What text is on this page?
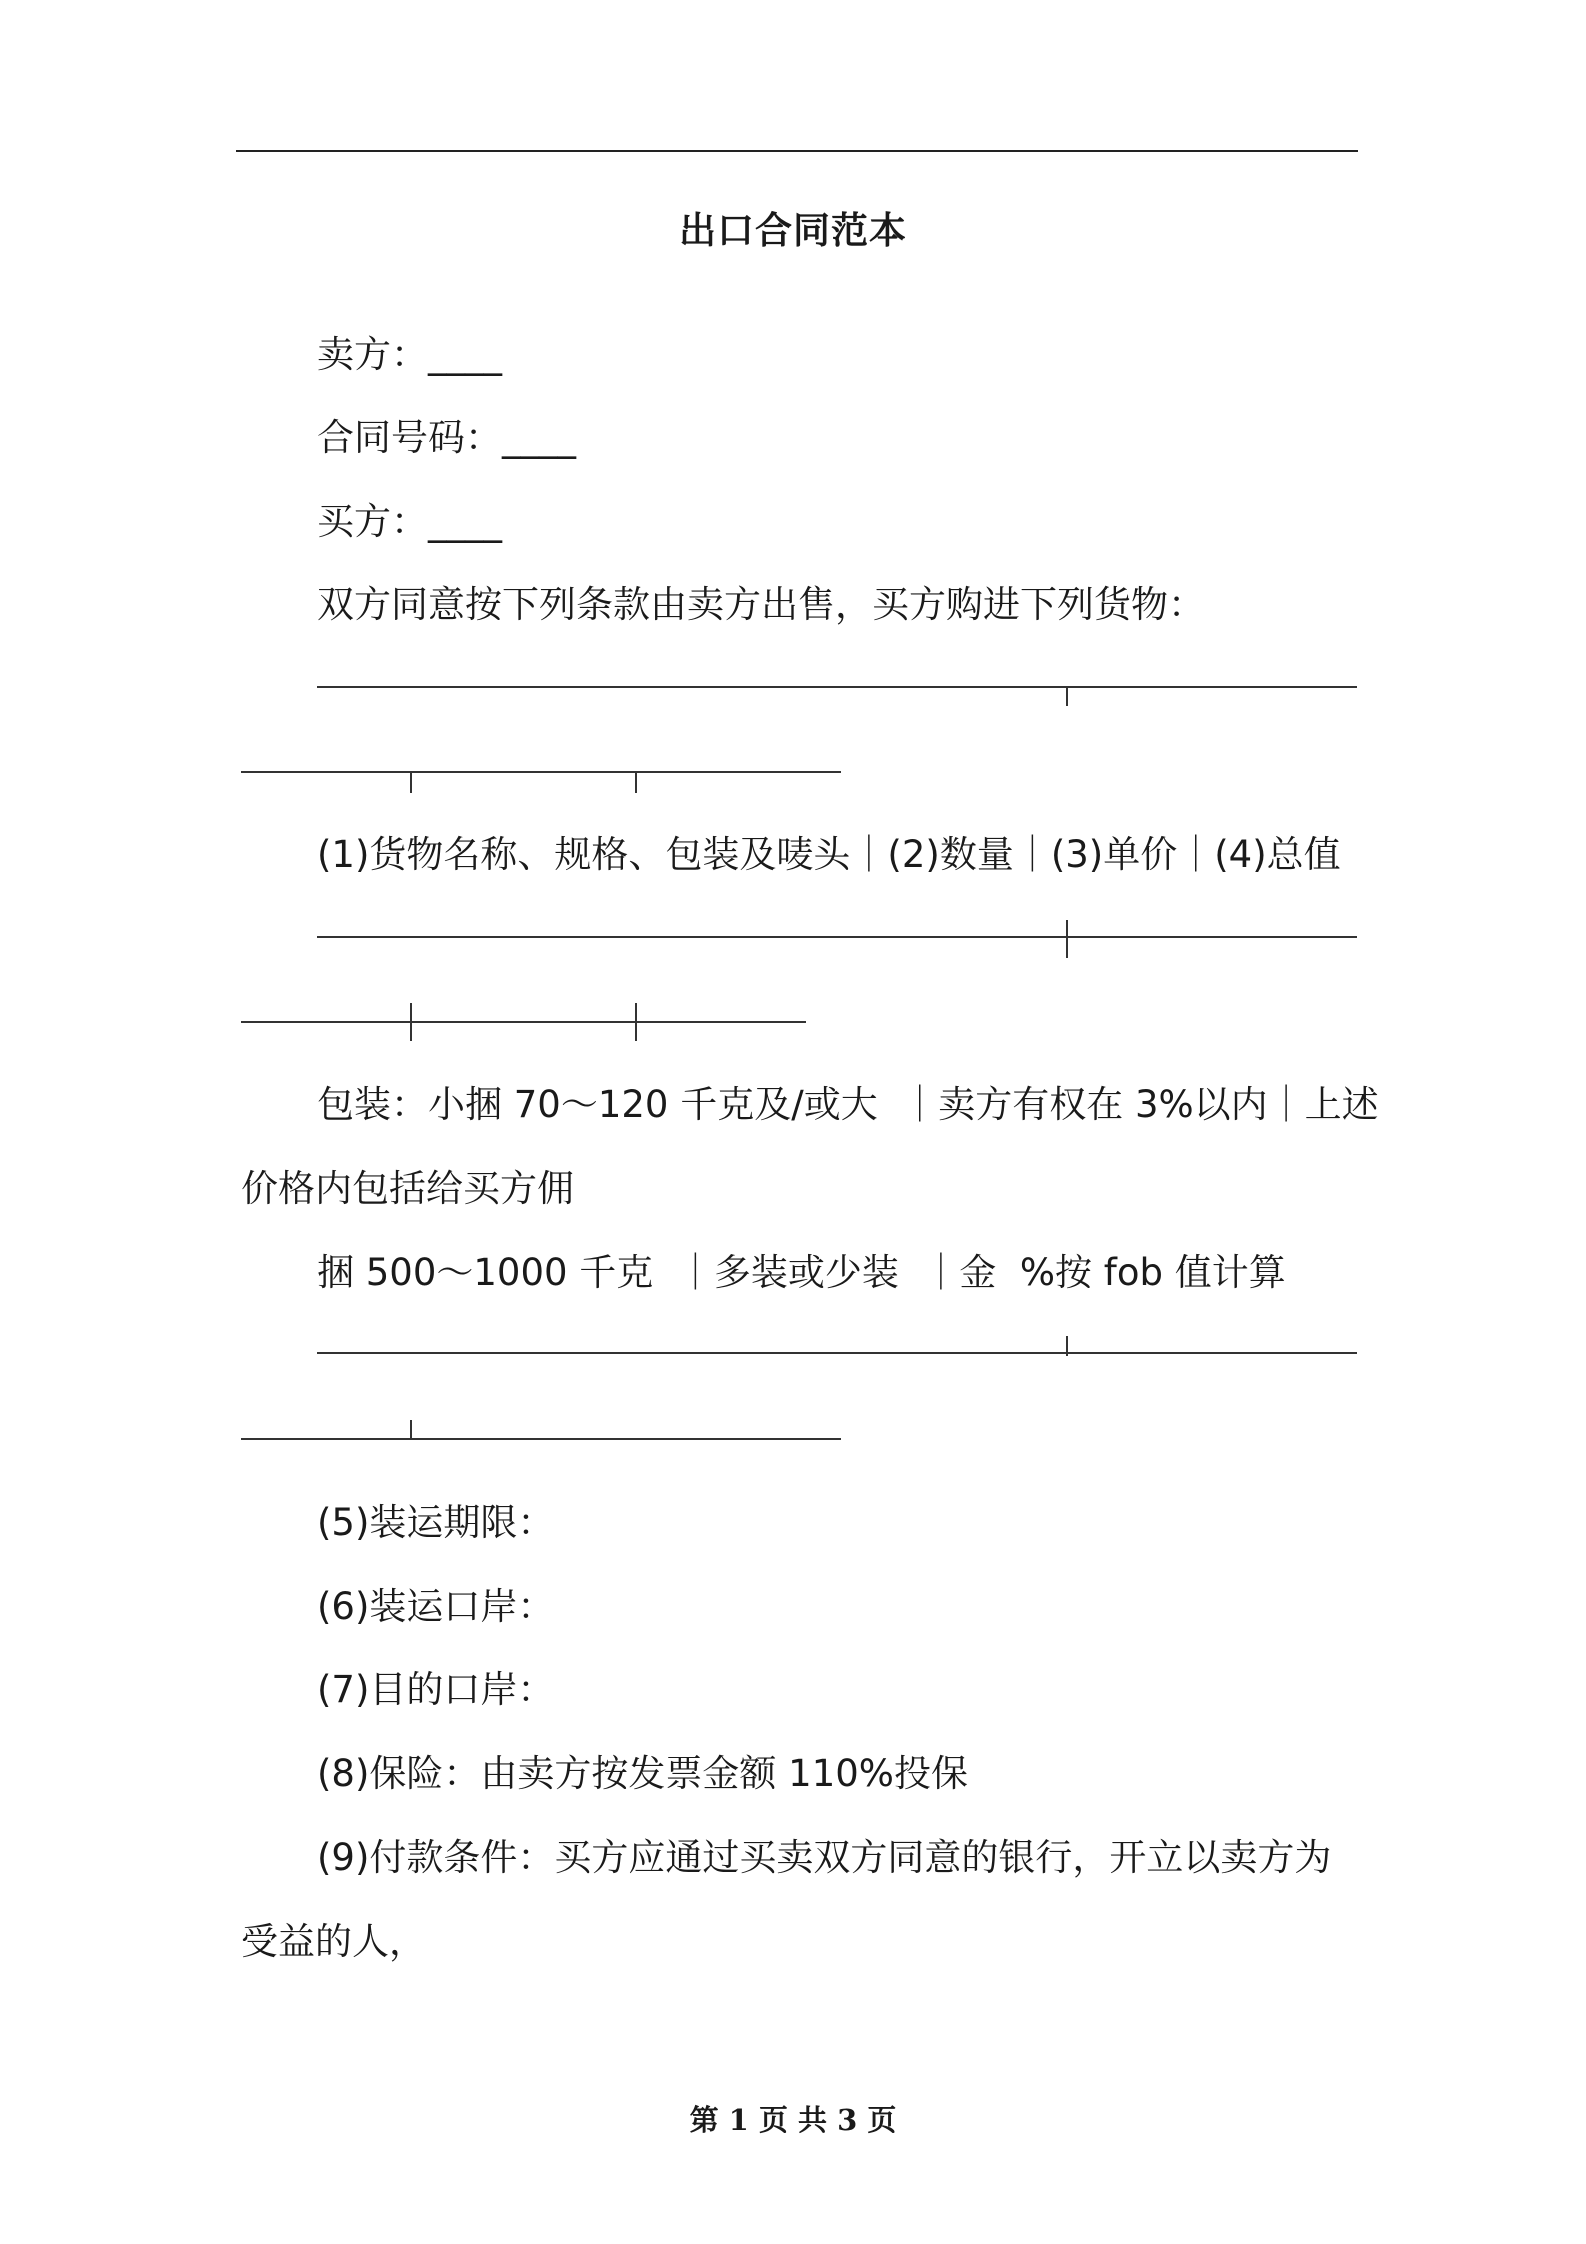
出口合同范本
卖方：____
合同号码：____
买方：____
双方同意按下列条款由卖方出售，买方购进下列货物：
(1)货物名称、规格、包装及唛头｜(2)数量｜(3)单价｜(4)总值
包装：小捆 70～120 千克及/或大  ｜卖方有权在 3%以内｜上述
价格内包括给买方佣
捆 500～1000 千克  ｜多装或少装  ｜金  %按 fob 值计算
(5)装运期限：
(6)装运口岸：
(7)目的口岸：
(8)保险：由卖方按发票金额 110%投保
(9)付款条件：买方应通过买卖双方同意的银行，开立以卖方为
受益的人，
第 1 页 共 3 页
